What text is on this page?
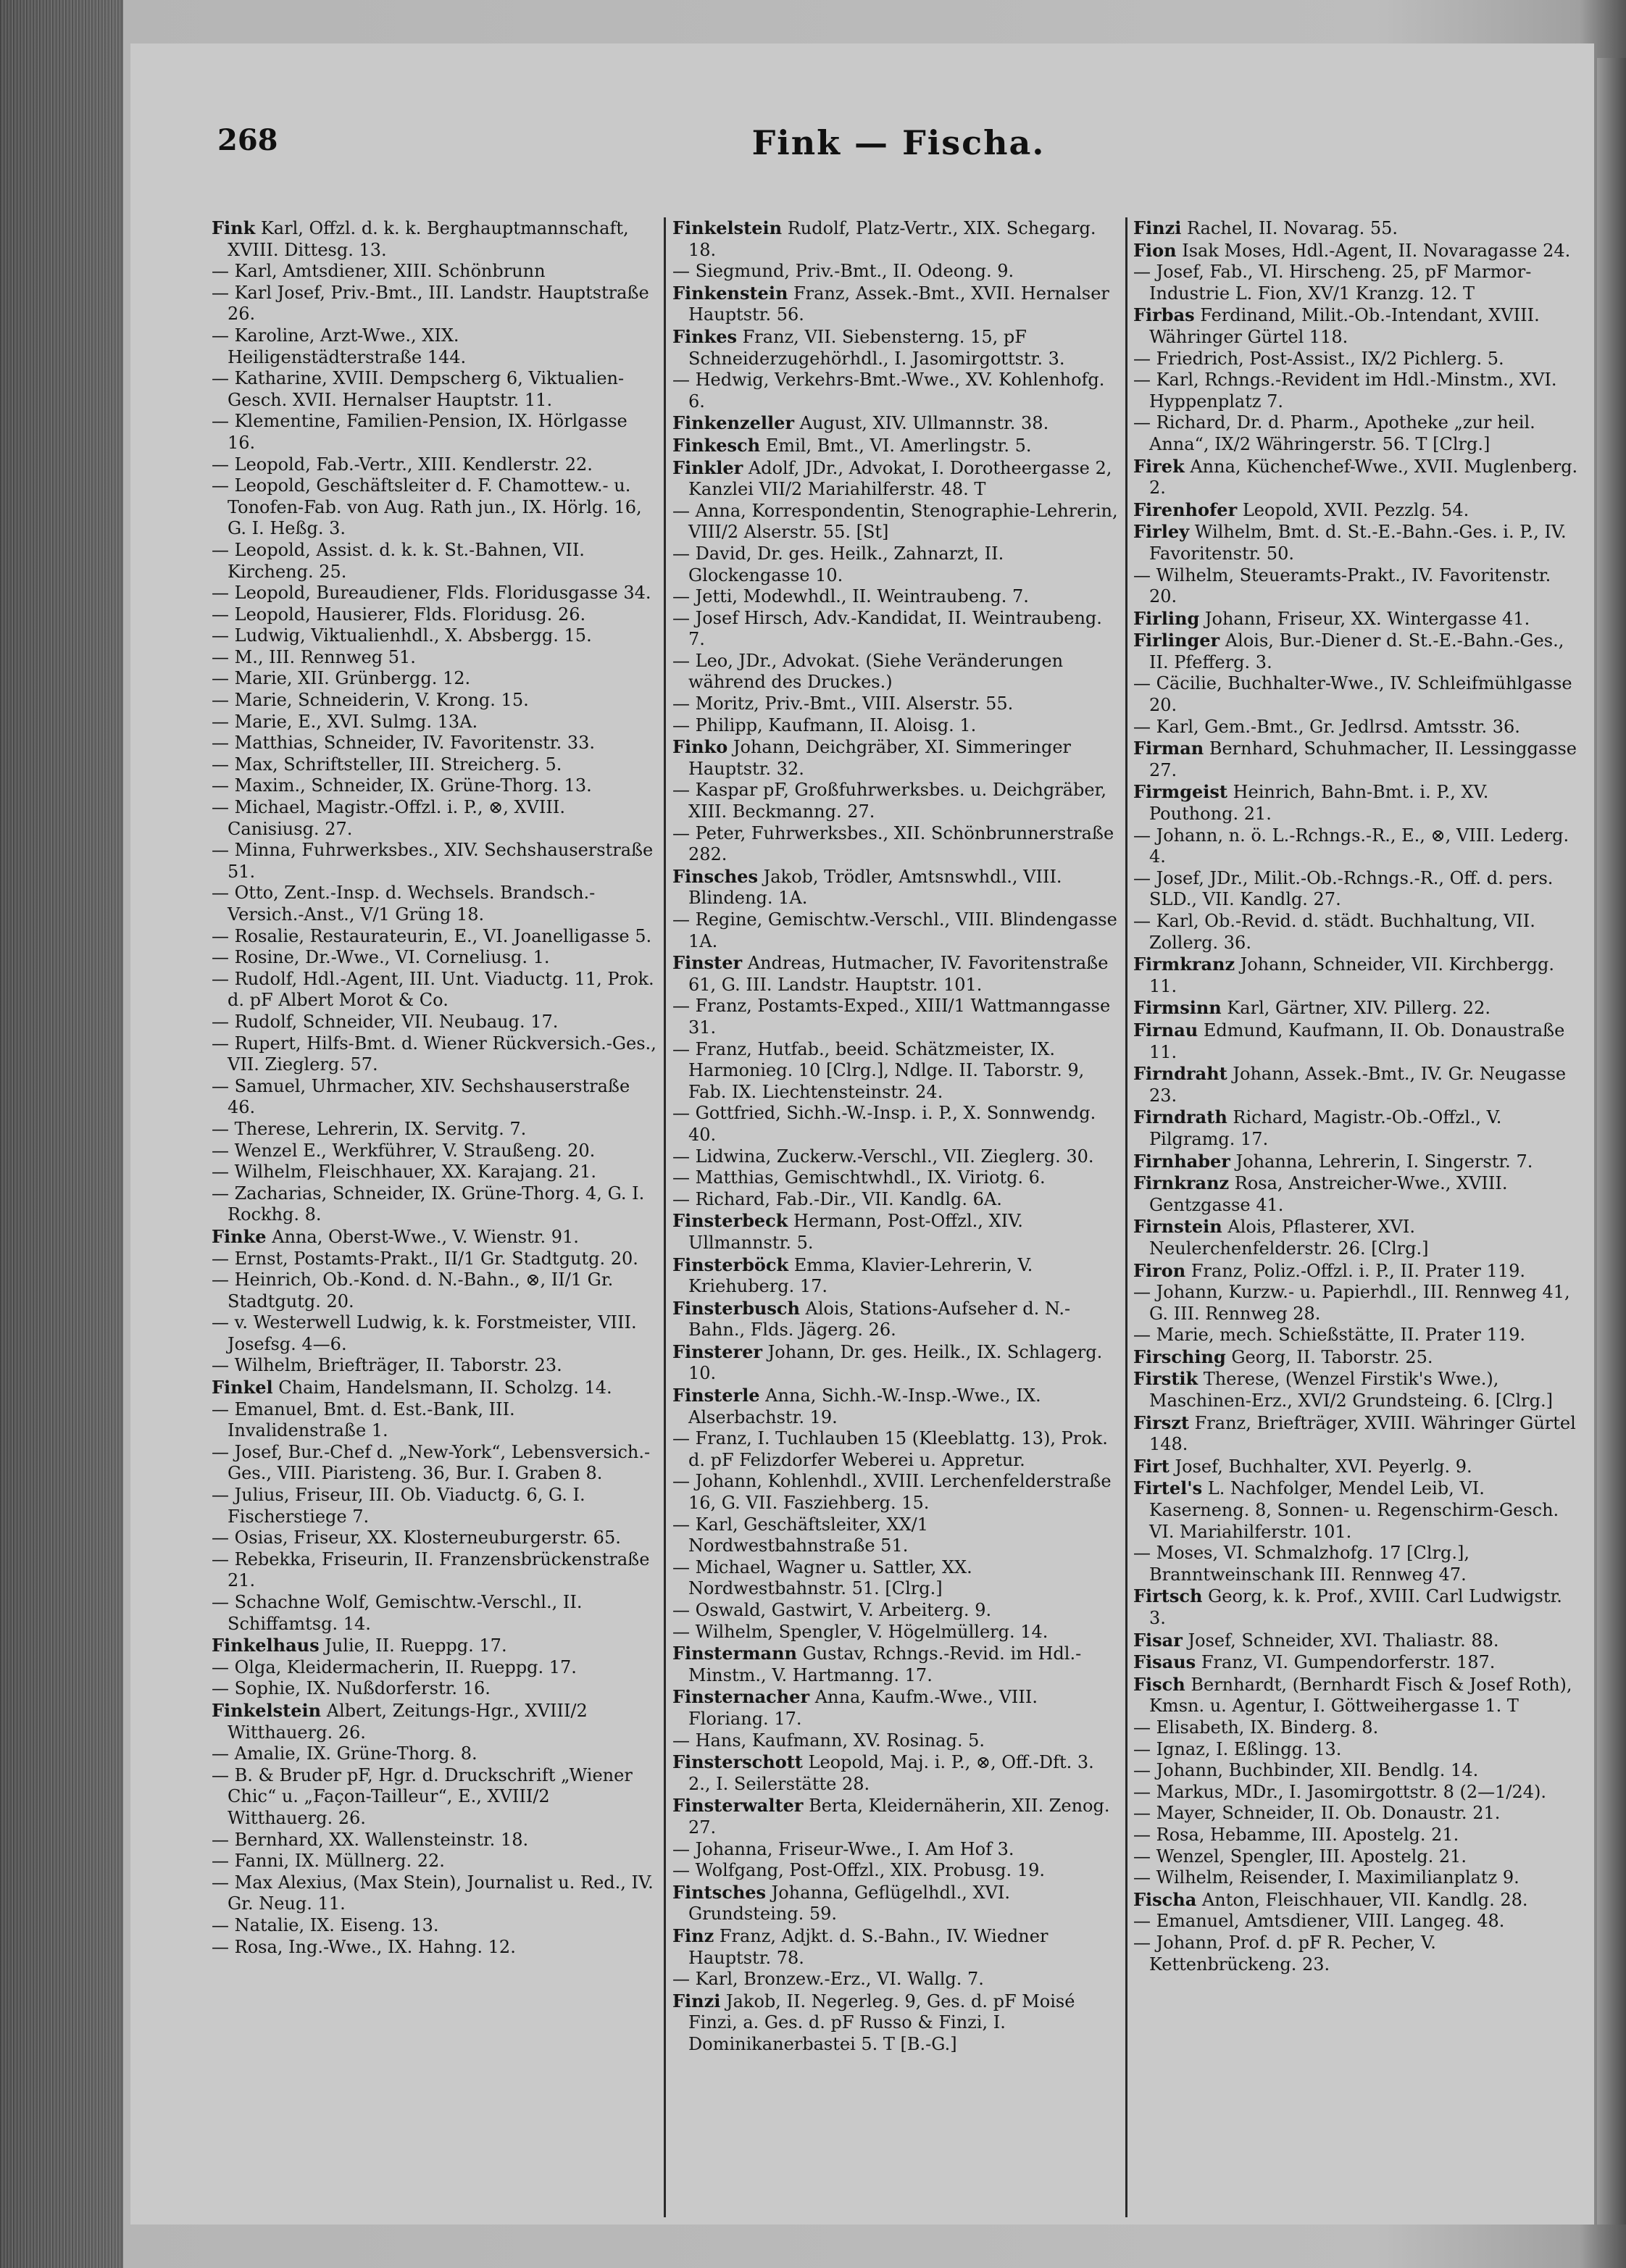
268	Fink — Fischa.

Fink Karl, Offzl. d. k. k. Berghauptmannschaft, XVIII. Dittesg. 13.

— Karl, Amtsdiener, XIII. Schönbrunn

— Karl Josef, Priv.-Bmt., III. Landstr. Hauptstraße 26.

— Karoline, Arzt-Wwe., XIX. Heiligenstädterstraße 144.

— Katharine, XVIII. Dempscherg 6, Viktualien-Gesch. XVII. Hernalser Hauptstr. 11.

— Klementine, Familien-Pension, IX. Hörlgasse 16.

— Leopold, Fab.-Vertr., XIII. Kendlerstr. 22.

— Leopold, Geschäftsleiter d. F. Chamottew.- u. Tonofen-Fab. von Aug. Rath jun., IX. Hörlg. 16, G. I. Heßg. 3.

— Leopold, Assist. d. k. k. St.-Bahnen, VII. Kircheng. 25.

— Leopold, Bureaudiener, Flds. Floridusgasse 34.

— Leopold, Hausierer, Flds. Floridusg. 26.

— Ludwig, Viktualienhdl., X. Absbergg. 15.

— M., III. Rennweg 51.

— Marie, XII. Grünbergg. 12.

— Marie, Schneiderin, V. Krong. 15.

— Marie, E., XVI. Sulmg. 13A.

— Matthias, Schneider, IV. Favoritenstr. 33.

— Max, Schriftsteller, III. Streicherg. 5.

— Maxim., Schneider, IX. Grüne-Thorg. 13.

— Michael, Magistr.-Offzl. i. P., ⊗, XVIII. Canisiusg. 27.

— Minna, Fuhrwerksbes., XIV. Sechshauserstraße 51.

— Otto, Zent.-Insp. d. Wechsels. Brandsch.-Versich.-Anst., V/1 Grüng 18.

— Rosalie, Restaurateurin, E., VI. Joanelligasse 5.

— Rosine, Dr.-Wwe., VI. Corneliusg. 1.

— Rudolf, Hdl.-Agent, III. Unt. Viaductg. 11, Prok. d. pF Albert Morot & Co.

— Rudolf, Schneider, VII. Neubaug. 17.

— Rupert, Hilfs-Bmt. d. Wiener Rückversich.-Ges., VII. Zieglerg. 57.

— Samuel, Uhrmacher, XIV. Sechshauserstraße 46.

— Therese, Lehrerin, IX. Servitg. 7.

— Wenzel E., Werkführer, V. Straußeng. 20.

— Wilhelm, Fleischhauer, XX. Karajang. 21.

— Zacharias, Schneider, IX. Grüne-Thorg. 4, G. I. Rockhg. 8.

Finke Anna, Oberst-Wwe., V. Wienstr. 91.

— Ernst, Postamts-Prakt., II/1 Gr. Stadtgutg. 20.

— Heinrich, Ob.-Kond. d. N.-Bahn., ⊗, II/1 Gr. Stadtgutg. 20.

— v. Westerwell Ludwig, k. k. Forstmeister, VIII. Josefsg. 4—6.

— Wilhelm, Briefträger, II. Taborstr. 23.

Finkel Chaim, Handelsmann, II. Scholzg. 14.

— Emanuel, Bmt. d. Est.-Bank, III. Invalidenstraße 1.

— Josef, Bur.-Chef d. „New-York“, Lebensversich.-Ges., VIII. Piaristeng. 36, Bur. I. Graben 8.

— Julius, Friseur, III. Ob. Viaductg. 6, G. I. Fischerstiege 7.

— Osias, Friseur, XX. Klosterneuburgerstr. 65.

— Rebekka, Friseurin, II. Franzensbrückenstraße 21.

— Schachne Wolf, Gemischtw.-Verschl., II. Schiffamtsg. 14.

Finkelhaus Julie, II. Rueppg. 17.

— Olga, Kleidermacherin, II. Rueppg. 17.

— Sophie, IX. Nußdorferstr. 16.

Finkelstein Albert, Zeitungs-Hgr., XVIII/2 Witthauerg. 26.

— Amalie, IX. Grüne-Thorg. 8.

— B. & Bruder pF, Hgr. d. Druckschrift „Wiener Chic“ u. „Façon-Tailleur“, E., XVIII/2 Witthauerg. 26.

— Bernhard, XX. Wallensteinstr. 18.

— Fanni, IX. Müllnerg. 22.

— Max Alexius, (Max Stein), Journalist u. Red., IV. Gr. Neug. 11.

— Natalie, IX. Eiseng. 13.

— Rosa, Ing.-Wwe., IX. Hahng. 12.

Finkelstein Rudolf, Platz-Vertr., XIX. Schegarg. 18.

— Siegmund, Priv.-Bmt., II. Odeong. 9.

Finkenstein Franz, Assek.-Bmt., XVII. Hernalser Hauptstr. 56.

Finkes Franz, VII. Siebensterng. 15, pF Schneiderzugehörhdl., I. Jasomirgottstr. 3.

— Hedwig, Verkehrs-Bmt.-Wwe., XV. Kohlenhofg. 6.

Finkenzeller August, XIV. Ullmannstr. 38.

Finkesch Emil, Bmt., VI. Amerlingstr. 5.

Finkler Adolf, JDr., Advokat, I. Dorotheergasse 2, Kanzlei VII/2 Mariahilferstr. 48. T

— Anna, Korrespondentin, Stenographie-Lehrerin, VIII/2 Alserstr. 55. [St]

— David, Dr. ges. Heilk., Zahnarzt, II. Glockengasse 10.

— Jetti, Modewhdl., II. Weintraubeng. 7.

— Josef Hirsch, Adv.-Kandidat, II. Weintraubeng. 7.

— Leo, JDr., Advokat. (Siehe Veränderungen während des Druckes.)

— Moritz, Priv.-Bmt., VIII. Alserstr. 55.

— Philipp, Kaufmann, II. Aloisg. 1.

Finko Johann, Deichgräber, XI. Simmeringer Hauptstr. 32.

— Kaspar pF, Großfuhrwerksbes. u. Deichgräber, XIII. Beckmanng. 27.

— Peter, Fuhrwerksbes., XII. Schönbrunnerstraße 282.

Finsches Jakob, Trödler, Amtsnswhdl., VIII. Blindeng. 1A.

— Regine, Gemischtw.-Verschl., VIII. Blindengasse 1A.

Finster Andreas, Hutmacher, IV. Favoritenstraße 61, G. III. Landstr. Hauptstr. 101.

— Franz, Postamts-Exped., XIII/1 Wattmanngasse 31.

— Franz, Hutfab., beeid. Schätzmeister, IX. Harmonieg. 10 [Clrg.], Ndlge. II. Taborstr. 9, Fab. IX. Liechtensteinstr. 24.

— Gottfried, Sichh.-W.-Insp. i. P., X. Sonnwendg. 40.

— Lidwina, Zuckerw.-Verschl., VII. Zieglerg. 30.

— Matthias, Gemischtwhdl., IX. Viriotg. 6.

— Richard, Fab.-Dir., VII. Kandlg. 6A.

Finsterbeck Hermann, Post-Offzl., XIV. Ullmannstr. 5.

Finsterböck Emma, Klavier-Lehrerin, V. Kriehuberg. 17.

Finsterbusch Alois, Stations-Aufseher d. N.-Bahn., Flds. Jägerg. 26.

Finsterer Johann, Dr. ges. Heilk., IX. Schlagerg. 10.

Finsterle Anna, Sichh.-W.-Insp.-Wwe., IX. Alserbachstr. 19.

— Franz, I. Tuchlauben 15 (Kleeblattg. 13), Prok. d. pF Felizdorfer Weberei u. Appretur.

— Johann, Kohlenhdl., XVIII. Lerchenfelderstraße 16, G. VII. Fasziehberg. 15.

— Karl, Geschäftsleiter, XX/1 Nordwestbahnstraße 51.

— Michael, Wagner u. Sattler, XX. Nordwestbahnstr. 51. [Clrg.]

— Oswald, Gastwirt, V. Arbeiterg. 9.

— Wilhelm, Spengler, V. Högelmüllerg. 14.

Finstermann Gustav, Rchngs.-Revid. im Hdl.-Minstm., V. Hartmanng. 17.

Finsternacher Anna, Kaufm.-Wwe., VIII. Floriang. 17.

— Hans, Kaufmann, XV. Rosinag. 5.

Finsterschott Leopold, Maj. i. P., ⊗, Off.-Dft. 3. 2., I. Seilerstätte 28.

Finsterwalter Berta, Kleidernäherin, XII. Zenog. 27.

— Johanna, Friseur-Wwe., I. Am Hof 3.

— Wolfgang, Post-Offzl., XIX. Probusg. 19.

Fintsches Johanna, Geflügelhdl., XVI. Grundsteing. 59.

Finz Franz, Adjkt. d. S.-Bahn., IV. Wiedner Hauptstr. 78.

— Karl, Bronzew.-Erz., VI. Wallg. 7.

Finzi Jakob, II. Negerleg. 9, Ges. d. pF Moisé Finzi, a. Ges. d. pF Russo & Finzi, I. Dominikanerbastei 5. T [B.-G.]

Finzi Rachel, II. Novarag. 55.

Fion Isak Moses, Hdl.-Agent, II. Novaragasse 24.

— Josef, Fab., VI. Hirscheng. 25, pF Marmor-Industrie L. Fion, XV/1 Kranzg. 12. T

Firbas Ferdinand, Milit.-Ob.-Intendant, XVIII. Währinger Gürtel 118.

— Friedrich, Post-Assist., IX/2 Pichlerg. 5.

— Karl, Rchngs.-Revident im Hdl.-Minstm., XVI. Hyppenplatz 7.

— Richard, Dr. d. Pharm., Apotheke „zur heil. Anna“, IX/2 Währingerstr. 56. T [Clrg.]

Firek Anna, Küchenchef-Wwe., XVII. Muglenberg. 2.

Firenhofer Leopold, XVII. Pezzlg. 54.

Firley Wilhelm, Bmt. d. St.-E.-Bahn.-Ges. i. P., IV. Favoritenstr. 50.

— Wilhelm, Steueramts-Prakt., IV. Favoritenstr. 20.

Firling Johann, Friseur, XX. Wintergasse 41.

Firlinger Alois, Bur.-Diener d. St.-E.-Bahn.-Ges., II. Pfefferg. 3.

— Cäcilie, Buchhalter-Wwe., IV. Schleifmühlgasse 20.

— Karl, Gem.-Bmt., Gr. Jedlrsd. Amtsstr. 36.

Firman Bernhard, Schuhmacher, II. Lessinggasse 27.

Firmgeist Heinrich, Bahn-Bmt. i. P., XV. Pouthong. 21.

— Johann, n. ö. L.-Rchngs.-R., E., ⊗, VIII. Lederg. 4.

— Josef, JDr., Milit.-Ob.-Rchngs.-R., Off. d. pers. SLD., VII. Kandlg. 27.

— Karl, Ob.-Revid. d. städt. Buchhaltung, VII. Zollerg. 36.

Firmkranz Johann, Schneider, VII. Kirchbergg. 11.

Firmsinn Karl, Gärtner, XIV. Pillerg. 22.

Firnau Edmund, Kaufmann, II. Ob. Donaustraße 11.

Firndraht Johann, Assek.-Bmt., IV. Gr. Neugasse 23.

Firndrath Richard, Magistr.-Ob.-Offzl., V. Pilgramg. 17.

Firnhaber Johanna, Lehrerin, I. Singerstr. 7.

Firnkranz Rosa, Anstreicher-Wwe., XVIII. Gentzgasse 41.

Firnstein Alois, Pflasterer, XVI. Neulerchenfelderstr. 26. [Clrg.]

Firon Franz, Poliz.-Offzl. i. P., II. Prater 119.

— Johann, Kurzw.- u. Papierhdl., III. Rennweg 41, G. III. Rennweg 28.

— Marie, mech. Schießstätte, II. Prater 119.

Firsching Georg, II. Taborstr. 25.

Firstik Therese, (Wenzel Firstik's Wwe.), Maschinen-Erz., XVI/2 Grundsteing. 6. [Clrg.]

Firszt Franz, Briefträger, XVIII. Währinger Gürtel 148.

Firt Josef, Buchhalter, XVI. Peyerlg. 9.

Firtel's L. Nachfolger, Mendel Leib, VI. Kaserneng. 8, Sonnen- u. Regenschirm-Gesch. VI. Mariahilferstr. 101.

— Moses, VI. Schmalzhofg. 17 [Clrg.], Branntweinschank III. Rennweg 47.

Firtsch Georg, k. k. Prof., XVIII. Carl Ludwigstr. 3.

Fisar Josef, Schneider, XVI. Thaliastr. 88.

Fisaus Franz, VI. Gumpendorferstr. 187.

Fisch Bernhardt, (Bernhardt Fisch & Josef Roth), Kmsn. u. Agentur, I. Göttweihergasse 1. T

— Elisabeth, IX. Binderg. 8.

— Ignaz, I. Eßlingg. 13.

— Johann, Buchbinder, XII. Bendlg. 14.

— Markus, MDr., I. Jasomirgottstr. 8 (2—1/24).

— Mayer, Schneider, II. Ob. Donaustr. 21.

— Rosa, Hebamme, III. Apostelg. 21.

— Wenzel, Spengler, III. Apostelg. 21.

— Wilhelm, Reisender, I. Maximilianplatz 9.

Fischa Anton, Fleischhauer, VII. Kandlg. 28.

— Emanuel, Amtsdiener, VIII. Langeg. 48.

— Johann, Prof. d. pF R. Pecher, V. Kettenbrückeng. 23.
